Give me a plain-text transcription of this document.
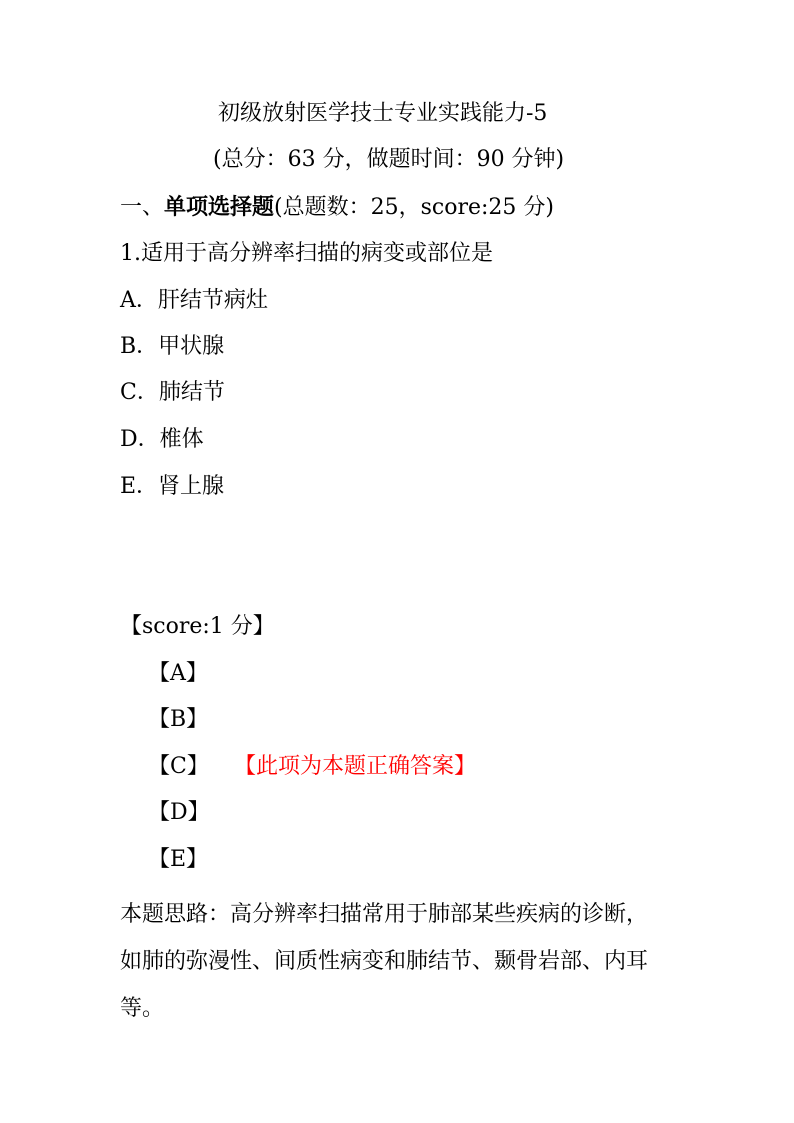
初级放射医学技士专业实践能力-5
(总分：63 分，做题时间：90 分钟)
一、单项选择题(总题数：25，score:25 分)
1.适用于高分辨率扫描的病变或部位是
A．肝结节病灶
B．甲状腺
C．肺结节
D．椎体
E．肾上腺
【score:1 分】
【A】
【B】
【C】 【此项为本题正确答案】
【D】
【E】
本题思路：高分辨率扫描常用于肺部某些疾病的诊断，如肺的弥漫性、间质性病变和肺结节、颞骨岩部、内耳等。
